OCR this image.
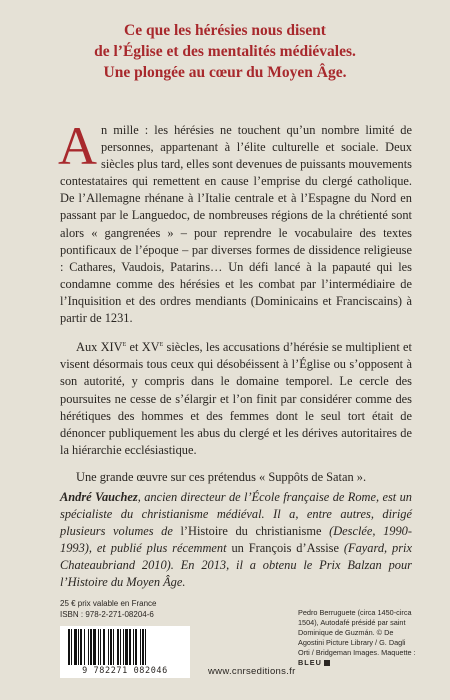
Ce que les hérésies nous disent
de l’Église et des mentalités médiévales.
Une plongée au cœur du Moyen Âge.

An mille : les hérésies ne touchent qu’un nombre limité de personnes, appartenant à l’élite culturelle et sociale. Deux siècles plus tard, elles sont devenues de puissants mouvements contestataires qui remettent en cause l’emprise du clergé catholique. De l’Allemagne rhénane à l’Italie centrale et à l’Espagne du Nord en passant par le Languedoc, de nombreuses régions de la chrétienté sont alors « gangrenées » – pour reprendre le vocabulaire des textes pontificaux de l’époque – par diverses formes de dissidence religieuse : Cathares, Vaudois, Patarins… Un défi lancé à la papauté qui les condamne comme des hérésies et les combat par l’intermédiaire de l’Inquisition et des ordres mendiants (Dominicains et Franciscains) à partir de 1231.

Aux XIVe et XVe siècles, les accusations d’hérésie se multiplient et visent désormais tous ceux qui désobéissent à l’Église ou s’opposent à son autorité, y compris dans le domaine temporel. Le cercle des poursuites ne cesse de s’élargir et l’on finit par considérer comme des hérétiques des hommes et des femmes dont le seul tort était de dénoncer publiquement les abus du clergé et les dérives autoritaires de la hiérarchie ecclésiastique.

Une grande œuvre sur ces prétendus « Suppôts de Satan ».

André Vauchez, ancien directeur de l’École française de Rome, est un spécialiste du christianisme médiéval. Il a, entre autres, dirigé plusieurs volumes de l’Histoire du christianisme (Desclée, 1990-1993), et publié plus récemment un François d’Assise (Fayard, prix Chateaubriand 2010). En 2013, il a obtenu le Prix Balzan pour l’Histoire du Moyen Âge.
25 € prix valable en France
ISBN : 978-2-271-08204-6
9 782271 082046	www.cnrseditions.fr
Pedro Berruguete (circa 1450-circa 1504), Autodafé présidé par saint Dominique de Guzmán. © De Agostini Picture Library / G. Dagli Orti / Bridgeman Images. Maquette : BLEU
